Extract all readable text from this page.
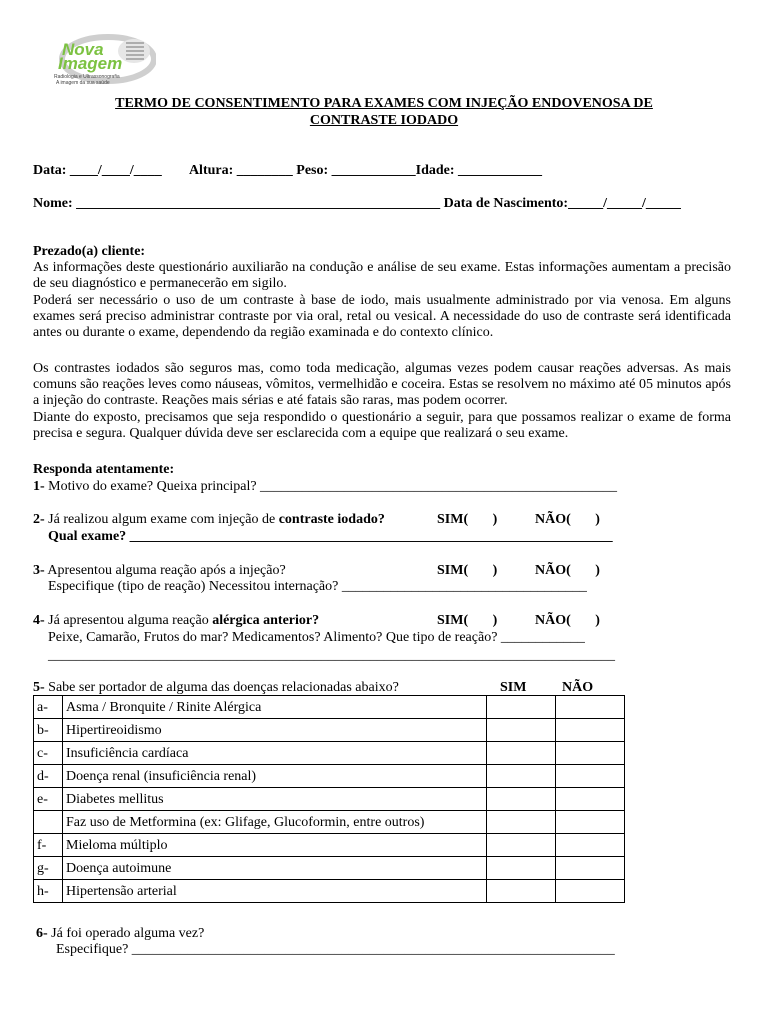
Nova
Imagem
Radiologia e Ultrassonografia
A imagem da sua saúde
TERMO DE CONSENTIMENTO PARA EXAMES COM INJEÇÃO ENDOVENOSA DE
CONTRASTE IODADO
Data: ____/____/____        Altura: ________ Peso: ____________Idade: ____________
Nome: ____________________________________________________ Data de Nascimento:_____/_____/_____
Prezado(a) cliente:
As informações deste questionário auxiliarão na condução e análise de seu exame. Estas informações aumentam a precisão de seu diagnóstico e permanecerão em sigilo.
Poderá ser necessário o uso de um contraste à base de iodo, mais usualmente administrado por via venosa. Em alguns exames será preciso administrar contraste por via oral, retal ou vesical. A necessidade do uso de contraste será identificada antes ou durante o exame, dependendo da região examinada e do contexto clínico.
Os contrastes iodados são seguros mas, como toda medicação, algumas vezes podem causar reações adversas. As mais comuns são reações leves como náuseas, vômitos, vermelhidão e coceira. Estas se resolvem no máximo até 05 minutos após a injeção do contraste. Reações mais sérias e até fatais são raras, mas podem ocorrer.
Diante do exposto, precisamos que seja respondido o questionário a seguir, para que possamos realizar o exame de forma precisa e segura. Qualquer dúvida deve ser esclarecida com a equipe que realizará o seu exame.
Responda atentamente:
1- Motivo do exame? Queixa principal? ___________________________________________________
2- Já realizou algum exame com injeção de contraste iodado?	SIM(       )	NÃO(       )
Qual exame? _____________________________________________________________________
3- Apresentou alguma reação após a injeção?	SIM(       )	NÃO(       )
Especifique (tipo de reação) Necessitou internação? ___________________________________
4- Já apresentou alguma reação alérgica anterior?	SIM(       )	NÃO(       )
Peixe, Camarão, Frutos do mar? Medicamentos? Alimento? Que tipo de reação? ____________
_________________________________________________________________________________
5- Sabe ser portador de alguma das doenças relacionadas abaixo?	SIM	NÃO
a-	Asma / Bronquite / Rinite Alérgica		
b-	Hipertireoidismo		
c-	Insuficiência cardíaca		
d-	Doença renal (insuficiência renal)		
e-	Diabetes mellitus		
	Faz uso de Metformina (ex: Glifage, Glucoformin, entre outros)		
f-	Mieloma múltiplo		
g-	Doença autoimune		
h-	Hipertensão arterial		
6- Já foi operado alguma vez?
Especifique? _____________________________________________________________________
